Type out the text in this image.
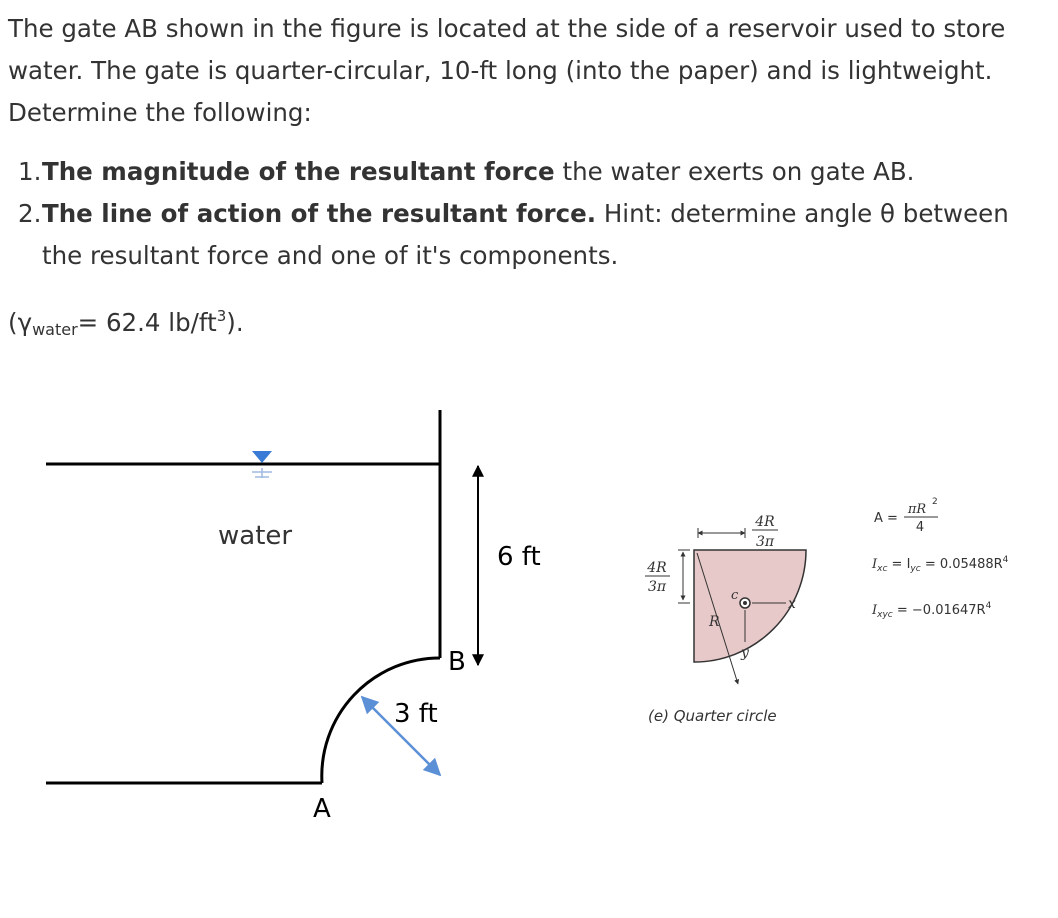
The gate AB shown in the figure is located at the side of a reservoir used to store water. The gate is quarter-circular, 10-ft long (into the paper) and is lightweight. Determine the following:

1. The magnitude of the resultant force the water exerts on gate AB.
2. The line of action of the resultant force. Hint: determine angle θ between the resultant force and one of it's components.

($\gamma_{water}= 62.4$ $lb/ft^3$).

water
6 ft
3 ft
A
B
4R
3π
4R
3π
c
x
y
R
(e) Quarter circle
A =
πR 2
4
$I_{xc} = I_{yc} = 0.05488R^4$
$I_{xyc} = -0.01647R^4$
